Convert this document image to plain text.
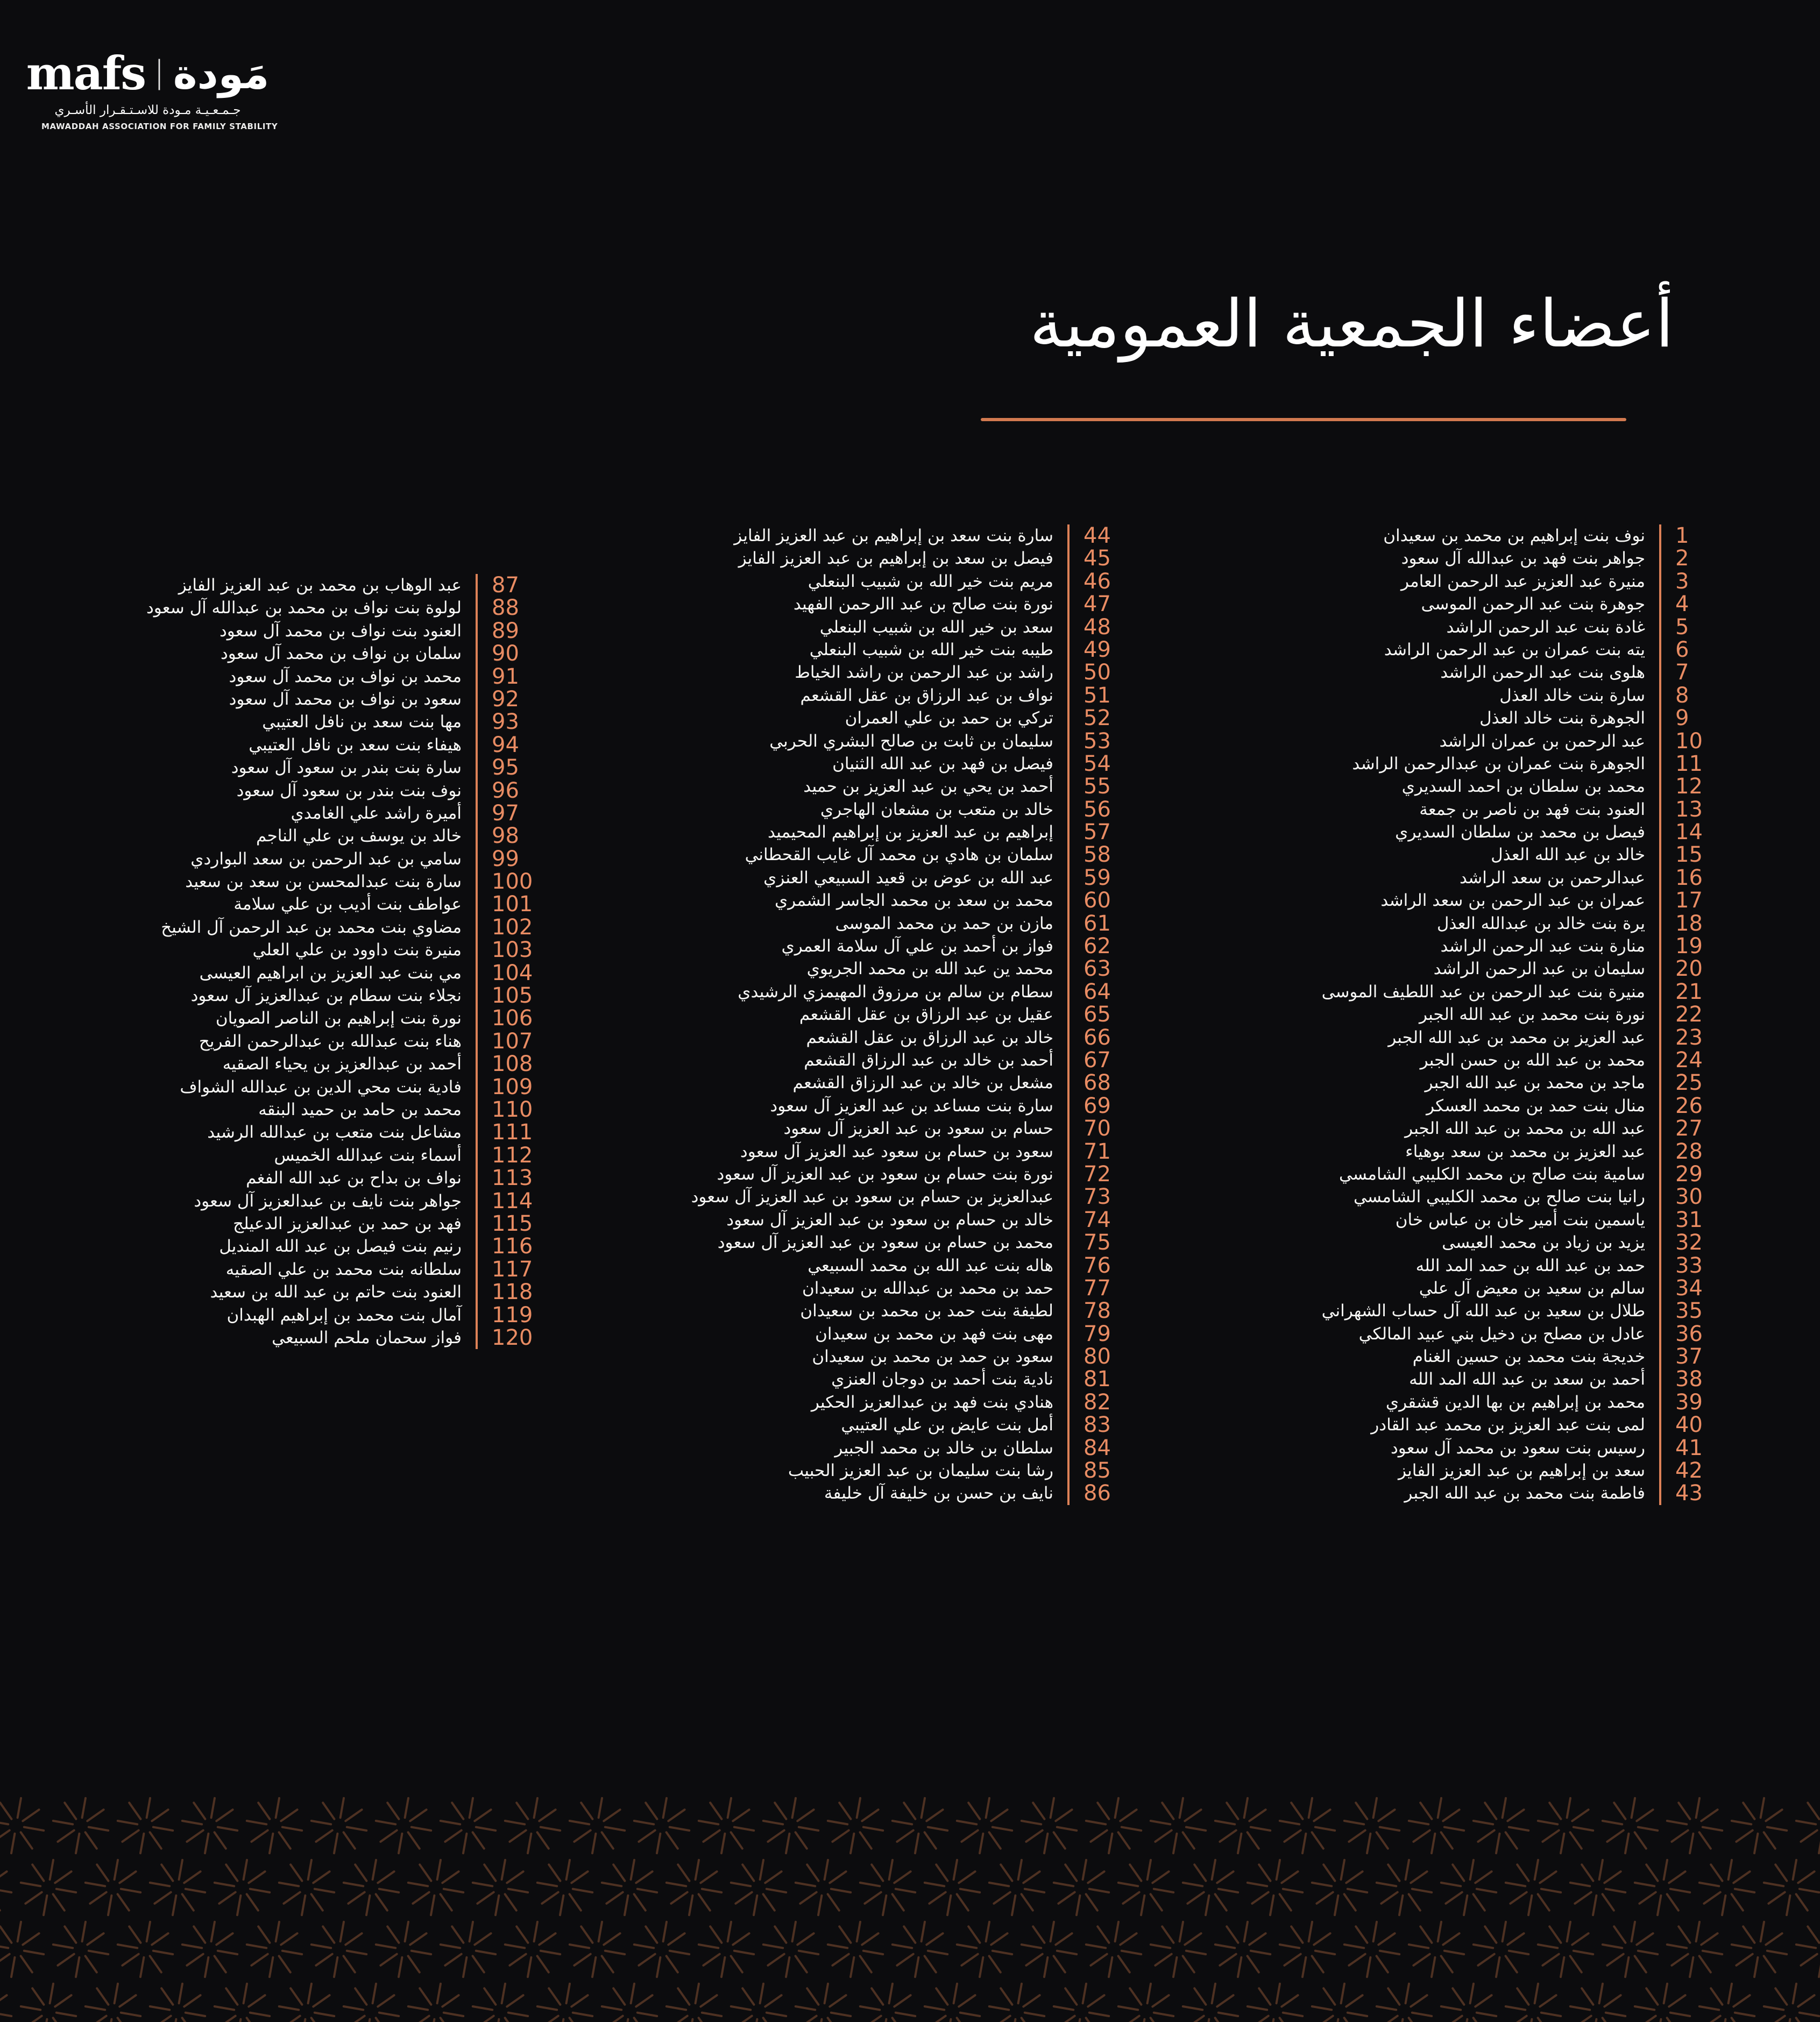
mafs | مَودة
جـمـعـيـة مـودة للاسـتـقـرار الأسـري
MAWADDAH ASSOCIATION FOR FAMILY STABILITY
أعضاء الجمعية العمومية
عبد الوهاب بن محمد بن عبد العزيز الفايز	87
لولوة بنت نواف بن محمد بن عبدالله آل سعود	88
العنود بنت نواف بن محمد آل سعود	89
سلمان بن نواف بن محمد آل سعود	90
محمد بن نواف بن محمد آل سعود	91
سعود بن نواف بن محمد آل سعود	92
مها بنت سعد بن نافل العتيبي	93
هيفاء بنت سعد بن نافل العتيبي	94
سارة بنت بندر بن سعود آل سعود	95
نوف بنت بندر بن سعود آل سعود	96
أميرة راشد علي الغامدي	97
خالد بن يوسف بن علي الناجم	98
سامي بن عبد الرحمن بن سعد البواردي	99
سارة بنت عبدالمحسن بن سعد بن سعيد	100
عواطف بنت أديب بن علي سلامة	101
مضاوي بنت محمد بن عبد الرحمن آل الشيخ	102
منيرة بنت داوود بن علي العلي	103
مي بنت عبد العزيز بن ابراهيم العيسى	104
نجلاء بنت سطام بن عبدالعزيز آل سعود	105
نورة بنت إبراهيم بن الناصر الصويان	106
هناء بنت عبدالله بن عبدالرحمن الفريح	107
أحمد بن عبدالعزيز بن يحياء الصقيه	108
فادية بنت محي الدين بن عبدالله الشواف	109
محمد بن حامد بن حميد البنقه	110
مشاعل بنت متعب بن عبدالله الرشيد	111
أسماء بنت عبدالله الخميس	112
نواف بن بداح بن عبد الله الفغم	113
جواهر بنت نايف بن عبدالعزيز آل سعود	114
فهد بن حمد بن عبدالعزيز الدعيلج	115
رنيم بنت فيصل بن عبد الله المنديل	116
سلطانه بنت محمد بن علي الصقيه	117
العنود بنت حاتم بن عبد الله بن سعيد	118
آمال بنت محمد بن إبراهيم الهبدان	119
فواز سحمان ملحم السبيعي	120
سارة بنت سعد بن إبراهيم بن عبد العزيز الفايز	44
فيصل بن سعد بن إبراهيم بن عبد العزيز الفايز	45
مريم بنت خير الله بن شبيب البنعلي	46
نورة بنت صالح بن عبد االرحمن الفهيد	47
سعد بن خير الله بن شبيب البنعلي	48
طيبه بنت خير الله بن شبيب البنعلي	49
راشد بن عبد الرحمن بن راشد الخياط	50
نواف بن عبد الرزاق بن عقل القشعم	51
تركي بن حمد بن علي العمران	52
سليمان بن ثابت بن صالح البشري الحربي	53
فيصل بن فهد بن عبد الله الثنيان	54
أحمد بن يحي بن عبد العزيز بن حميد	55
خالد بن متعب بن مشعان الهاجري	56
إبراهيم بن عبد العزيز بن إبراهيم المحيميد	57
سلمان بن هادي بن محمد آل غايب القحطاني	58
عبد الله بن عوض بن قعيد السبيعي العنزي	59
محمد بن سعد بن محمد الجاسر الشمري	60
مازن بن حمد بن محمد الموسى	61
فواز بن أحمد بن علي آل سلامة العمري	62
محمد ين عبد الله بن محمد الجريوي	63
سطام بن سالم بن مرزوق المهيمزي الرشيدي	64
عقيل بن عبد الرزاق بن عقل القشعم	65
خالد بن عبد الرزاق بن عقل القشعم	66
أحمد بن خالد بن عبد الرزاق القشعم	67
مشعل بن خالد بن عبد الرزاق القشعم	68
سارة بنت مساعد بن عبد العزيز آل سعود	69
حسام بن سعود بن عبد العزيز آل سعود	70
سعود بن حسام بن سعود عبد العزيز آل سعود	71
نورة بنت حسام بن سعود بن عبد العزيز آل سعود	72
عبدالعزيز بن حسام بن سعود بن عبد العزيز آل سعود	73
خالد بن حسام بن سعود بن عبد العزيز آل سعود	74
محمد بن حسام بن سعود بن عبد العزيز آل سعود	75
هاله بنت عبد الله بن محمد السبيعي	76
حمد بن محمد بن عبدالله بن سعيدان	77
لطيفة بنت حمد بن محمد بن سعيدان	78
مهى بنت فهد بن محمد بن سعيدان	79
سعود بن حمد بن محمد بن سعيدان	80
نادية بنت أحمد بن دوجان العنزي	81
هنادي بنت فهد بن عبدالعزيز الحكير	82
أمل بنت عايض بن علي العتيبي	83
سلطان بن خالد بن محمد الجبير	84
رشا بنت سليمان بن عبد العزيز الحبيب	85
نايف بن حسن بن خليفة آل خليفة	86
نوف بنت إبراهيم بن محمد بن سعيدان	1
جواهر بنت فهد بن عبدالله آل سعود	2
منيرة عبد العزيز عبد الرحمن العامر	3
جوهرة بنت عبد الرحمن الموسى	4
غادة بنت عبد الرحمن الراشد	5
يته بنت عمران بن عبد الرحمن الراشد	6
هلوى بنت عبد الرحمن الراشد	7
سارة بنت خالد العذل	8
الجوهرة بنت خالد العذل	9
عبد الرحمن بن عمران الراشد	10
الجوهرة بنت عمران بن عبدالرحمن الراشد	11
محمد بن سلطان بن احمد السديري	12
العنود بنت فهد بن ناصر بن جمعة	13
فيصل بن محمد بن سلطان السديري	14
خالد بن عبد الله العذل	15
عبدالرحمن بن سعد الراشد	16
عمران بن عبد الرحمن بن سعد الراشد	17
يرة بنت خالد بن عبدالله العذل	18
منارة بنت عبد الرحمن الراشد	19
سليمان بن عبد الرحمن الراشد	20
منيرة بنت عبد الرحمن بن عبد اللطيف الموسى	21
نورة بنت محمد بن عبد الله الجبر	22
عبد العزيز بن محمد بن عبد الله الجبر	23
محمد بن عبد الله بن حسن الجبر	24
ماجد بن محمد بن عبد الله الجبر	25
منال بنت حمد بن محمد العسكر	26
عبد الله بن محمد بن عبد الله الجبر	27
عبد العزيز بن محمد بن سعد بوهياء	28
سامية بنت صالح بن محمد الكليبي الشامسي	29
رانيا بنت صالح بن محمد الكليبي الشامسي	30
ياسمين بنت أمير خان بن عباس خان	31
يزيد بن زياد بن محمد العيسى	32
حمد بن عبد الله بن حمد المد الله	33
سالم بن سعيد بن معيض آل علي	34
طلال بن سعيد بن عبد الله آل حساب الشهراني	35
عادل بن مصلح بن دخيل بني عبيد المالكي	36
خديجة بنت محمد بن حسين الغنام	37
أحمد بن سعد بن عبد الله المد الله	38
محمد بن إبراهيم بن بها الدين قشقري	39
لمى بنت عبد العزيز بن محمد عبد القادر	40
رسيس بنت سعود بن محمد آل سعود	41
سعد بن إبراهيم بن عبد العزيز الفايز	42
فاطمة بنت محمد بن عبد الله الجبر	43
